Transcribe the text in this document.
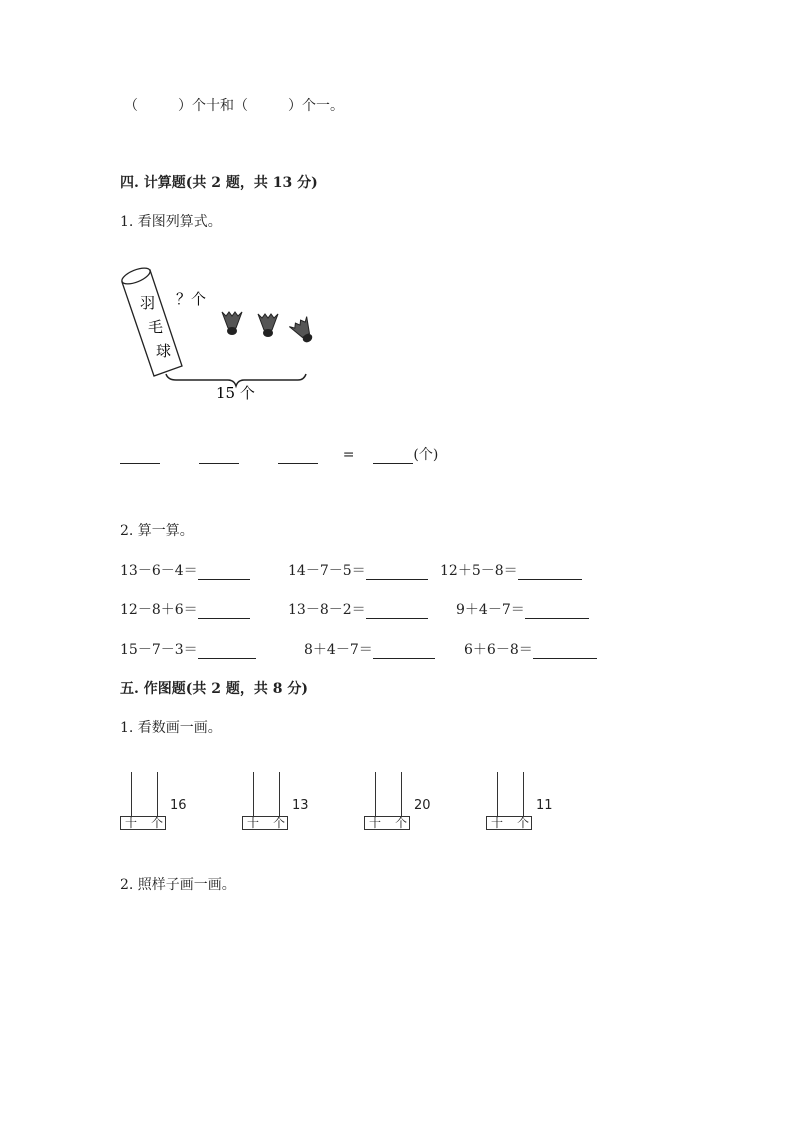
（	）个十和（	）个一。
四. 计算题(共 2 题，共 13 分)
1. 看图列算式。
羽
毛
球
？个
15 个
=	(个)
2. 算一算。
13－6－4＝	14－7－5＝	12＋5－8＝
12－8＋6＝	13－8－2＝	9＋4－7＝
15－7－3＝	8＋4－7＝	6＋6－8＝
五. 作图题(共 2 题，共 8 分)
1. 看数画一画。
十 个
16
十 个
13
十 个
20
十 个
11
2. 照样子画一画。
